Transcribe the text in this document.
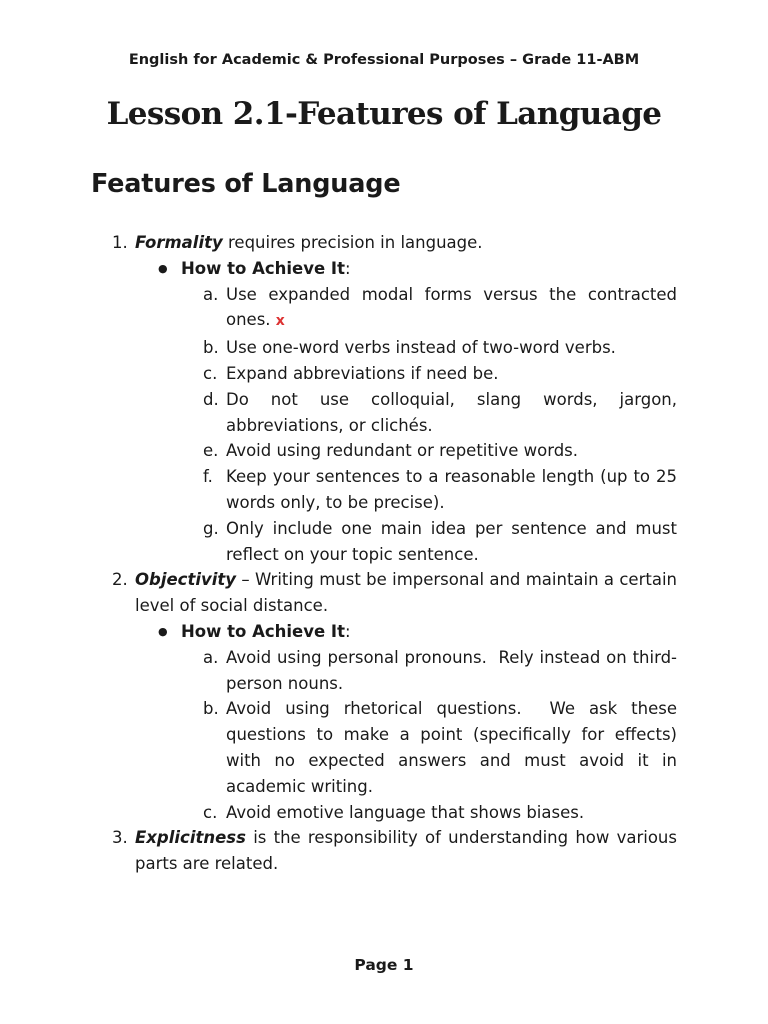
English for Academic & Professional Purposes – Grade 11-ABM
Lesson 2.1-Features of Language
Features of Language
1. Formality requires precision in language.
● How to Achieve It:
a. Use expanded modal forms versus the contracted ones. x
b. Use one-word verbs instead of two-word verbs.
c. Expand abbreviations if need be.
d. Do not use colloquial, slang words, jargon, abbreviations, or clichés.
e. Avoid using redundant or repetitive words.
f. Keep your sentences to a reasonable length (up to 25 words only, to be precise).
g. Only include one main idea per sentence and must reflect on your topic sentence.
2. Objectivity – Writing must be impersonal and maintain a certain level of social distance.
● How to Achieve It:
a. Avoid using personal pronouns.  Rely instead on third-person nouns.
b. Avoid using rhetorical questions.  We ask these questions to make a point (specifically for effects) with no expected answers and must avoid it in academic writing.
c. Avoid emotive language that shows biases.
3. Explicitness is the responsibility of understanding how various parts are related.
Page 1
